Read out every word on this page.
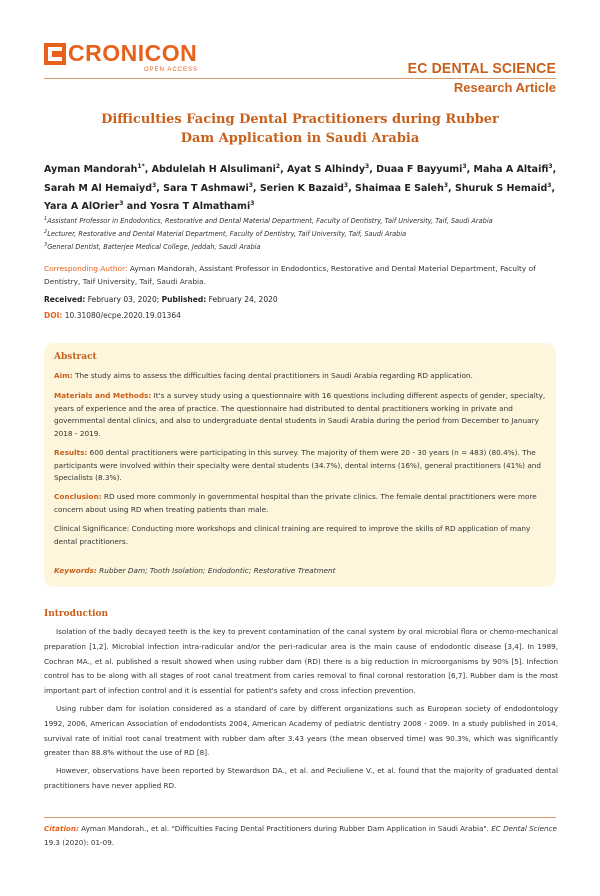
CRONICON
OPEN ACCESS	EC DENTAL SCIENCE
Research Article
Difficulties Facing Dental Practitioners during Rubber
Dam Application in Saudi Arabia
Ayman Mandorah$^{1*}$, Abdulelah H Alsulimani$^2$, Ayat S Alhindy$^3$, Duaa F Bayyumi$^3$, Maha A Altaifi$^3$, Sarah M Al Hemaiyd$^3$, Sara T Ashmawi$^3$, Serien K Bazaid$^3$, Shaimaa E Saleh$^3$, Shuruk S Hemaid$^3$, Yara A AlOrier$^3$ and Yosra T Almathami$^3$
$^1$Assistant Professor in Endodontics, Restorative and Dental Material Department, Faculty of Dentistry, Taif University, Taif, Saudi Arabia
$^2$Lecturer, Restorative and Dental Material Department, Faculty of Dentistry, Taif University, Taif, Saudi Arabia
$^3$General Dentist, Batterjee Medical College, Jeddah, Saudi Arabia
Corresponding Author: Ayman Mandorah, Assistant Professor in Endodontics, Restorative and Dental Material Department, Faculty of Dentistry, Taif University, Taif, Saudi Arabia.
Received: February 03, 2020; Published: February 24, 2020
DOI: 10.31080/ecpe.2020.19.01364
Abstract
Aim: The study aims to assess the difficulties facing dental practitioners in Saudi Arabia regarding RD application.
Materials and Methods: It's a survey study using a questionnaire with 16 questions including different aspects of gender, specialty, years of experience and the area of practice. The questionnaire had distributed to dental practitioners working in private and governmental dental clinics, and also to undergraduate dental students in Saudi Arabia during the period from December to January 2018 - 2019.
Results: 600 dental practitioners were participating in this survey. The majority of them were 20 - 30 years (n = 483) (80.4%). The participants were involved within their specialty were dental students (34.7%), dental interns (16%), general practitioners (41%) and Specialists (8.3%).
Conclusion: RD used more commonly in governmental hospital than the private clinics. The female dental practitioners were more concern about using RD when treating patients than male.
Clinical Significance: Conducting more workshops and clinical training are required to improve the skills of RD application of many dental practitioners.
Keywords: Rubber Dam; Tooth Isolation; Endodontic; Restorative Treatment
Introduction
Isolation of the badly decayed teeth is the key to prevent contamination of the canal system by oral microbial flora or chemo-mechanical preparation [1,2]. Microbial infection intra-radicular and/or the peri-radicular area is the main cause of endodontic disease [3,4]. In 1989, Cochran MA., et al. published a result showed when using rubber dam (RD) there is a big reduction in microorganisms by 90% [5]. Infection control has to be along with all stages of root canal treatment from caries removal to final coronal restoration [6,7]. Rubber dam is the most important part of infection control and it is essential for patient's safety and cross infection prevention.
Using rubber dam for isolation considered as a standard of care by different organizations such as European society of endodontology 1992, 2006, American Association of endodontists 2004, American Academy of pediatric dentistry 2008 - 2009. In a study published in 2014, survival rate of initial root canal treatment with rubber dam after 3.43 years (the mean observed time) was 90.3%, which was significantly greater than 88.8% without the use of RD [8].
However, observations have been reported by Stewardson DA., et al. and Peciuliene V., et al. found that the majority of graduated dental practitioners have never applied RD.
Citation: Ayman Mandorah., et al. "Difficulties Facing Dental Practitioners during Rubber Dam Application in Saudi Arabia". EC Dental Science 19.3 (2020): 01-09.
